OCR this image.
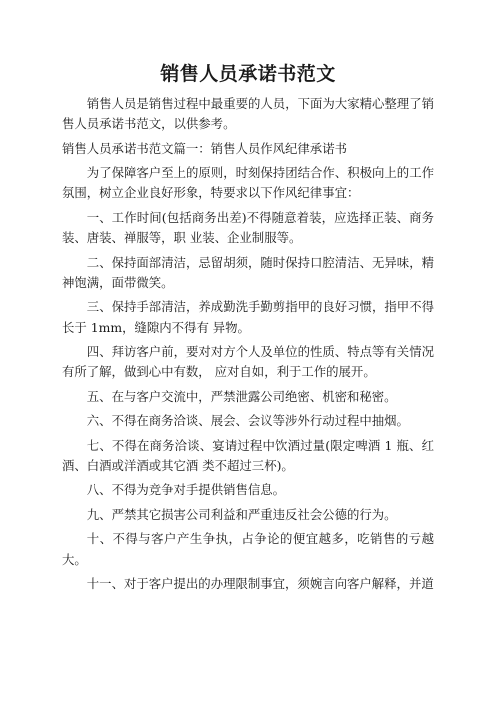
销售人员承诺书范文

销售人员是销售过程中最重要的人员，下面为大家精心整理了销售人员承诺书范文，以供参考。

销售人员承诺书范文篇一：销售人员作风纪律承诺书

为了保障客户至上的原则，时刻保持团结合作、积极向上的工作氛围，树立企业良好形象，特要求以下作风纪律事宜：

一、工作时间(包括商务出差)不得随意着装，应选择正装、商务装、唐装、禅服等，职 业装、企业制服等。

二、保持面部清洁，忌留胡须，随时保持口腔清洁、无异味，精神饱满，面带微笑。

三、保持手部清洁，养成勤洗手勤剪指甲的良好习惯，指甲不得长于 1mm，缝隙内不得有 异物。

四、拜访客户前，要对对方个人及单位的性质、特点等有关情况有所了解，做到心中有数， 应对自如，利于工作的展开。

五、在与客户交流中，严禁泄露公司绝密、机密和秘密。

六、不得在商务洽谈、展会、会议等涉外行动过程中抽烟。

七、不得在商务洽谈、宴请过程中饮酒过量(限定啤酒 1 瓶、红酒、白酒或洋酒或其它酒 类不超过三杯)。

八、不得为竞争对手提供销售信息。

九、严禁其它损害公司利益和严重违反社会公德的行为。

十、不得与客户产生争执，占争论的便宜越多，吃销售的亏越大。

十一、对于客户提出的办理限制事宜，须婉言向客户解释，并道
